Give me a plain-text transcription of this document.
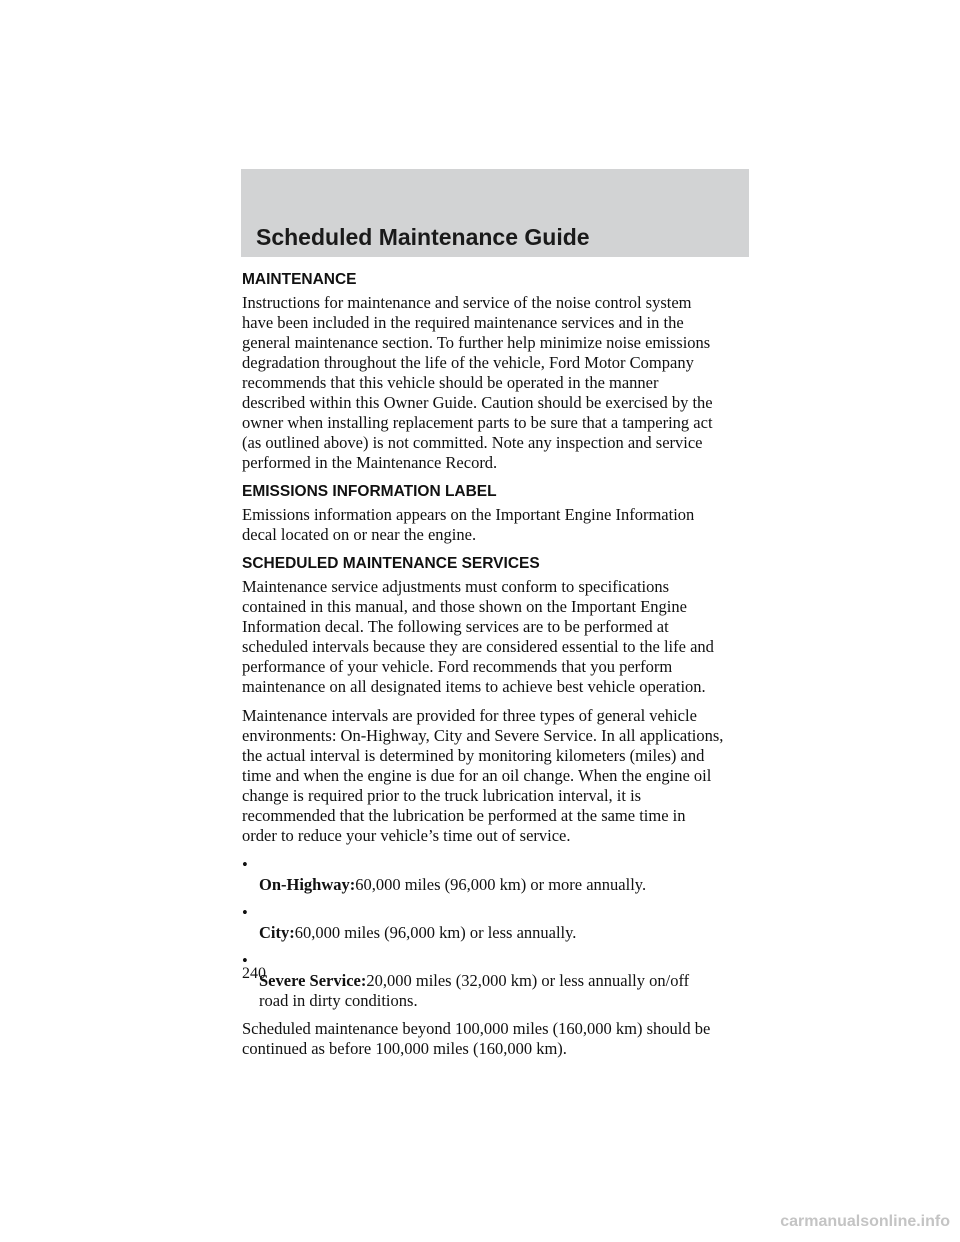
Scheduled Maintenance Guide
MAINTENANCE

Instructions for maintenance and service of the noise control system
have been included in the required maintenance services and in the
general maintenance section. To further help minimize noise emissions
degradation throughout the life of the vehicle, Ford Motor Company
recommends that this vehicle should be operated in the manner
described within this Owner Guide. Caution should be exercised by the
owner when installing replacement parts to be sure that a tampering act
(as outlined above) is not committed. Note any inspection and service
performed in the Maintenance Record.

EMISSIONS INFORMATION LABEL

Emissions information appears on the Important Engine Information
decal located on or near the engine.

SCHEDULED MAINTENANCE SERVICES

Maintenance service adjustments must conform to specifications
contained in this manual, and those shown on the Important Engine
Information decal. The following services are to be performed at
scheduled intervals because they are considered essential to the life and
performance of your vehicle. Ford recommends that you perform
maintenance on all designated items to achieve best vehicle operation.

Maintenance intervals are provided for three types of general vehicle
environments: On-Highway, City and Severe Service. In all applications,
the actual interval is determined by monitoring kilometers (miles) and
time and when the engine is due for an oil change. When the engine oil
change is required prior to the truck lubrication interval, it is
recommended that the lubrication be performed at the same time in
order to reduce your vehicle’s time out of service.

•
On-Highway:60,000 miles (96,000 km) or more annually.

•
City:60,000 miles (96,000 km) or less annually.

•
Severe Service:20,000 miles (32,000 km) or less annually on/off
road in dirty conditions.

Scheduled maintenance beyond 100,000 miles (160,000 km) should be
continued as before 100,000 miles (160,000 km).

240
carmanualsonline.info
